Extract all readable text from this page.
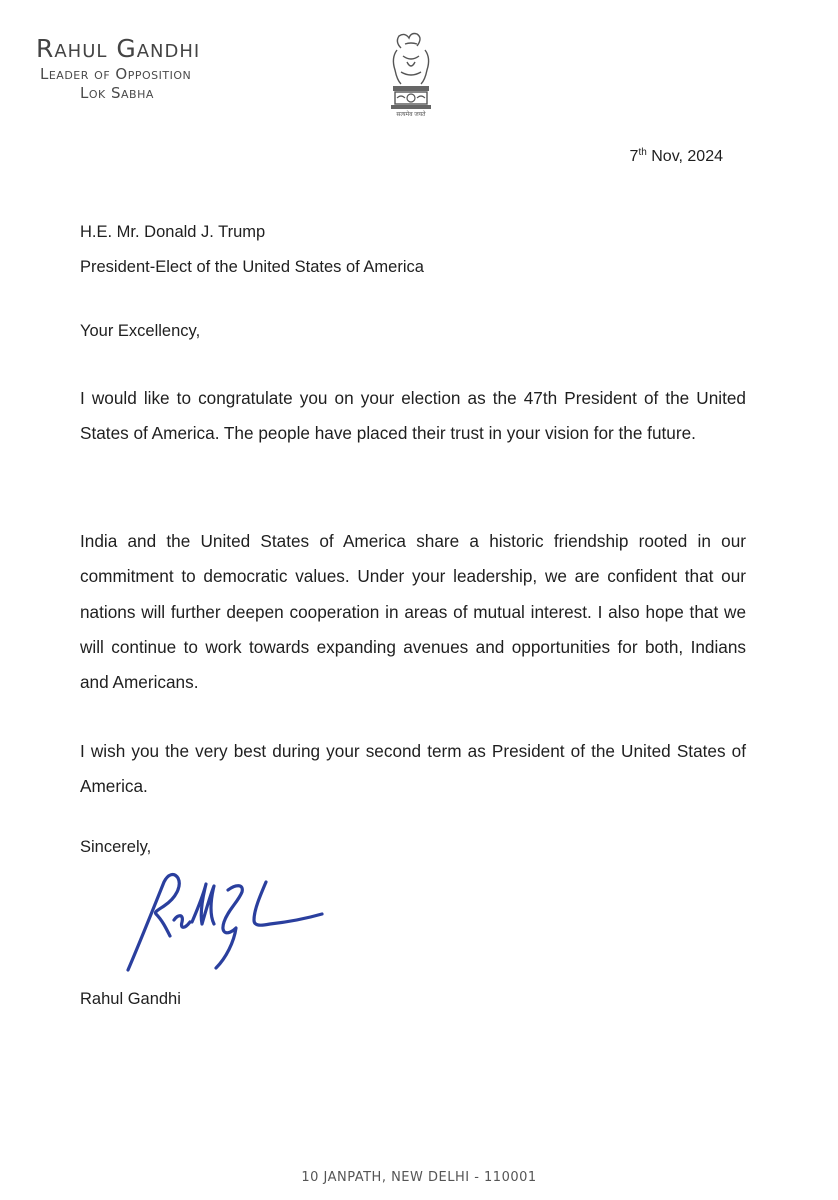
Rahul Gandhi
Leader of Opposition
Lok Sabha
सत्यमेव जयते
7th Nov, 2024
H.E. Mr. Donald J. Trump
President-Elect of the United States of America
Your Excellency,

I would like to congratulate you on your election as the 47th President of the United States of America. The people have placed their trust in your vision for the future.

India and the United States of America share a historic friendship rooted in our commitment to democratic values. Under your leadership, we are confident that our nations will further deepen cooperation in areas of mutual interest. I also hope that we will continue to work towards expanding avenues and opportunities for both, Indians and Americans.

I wish you the very best during your second term as President of the United States of America.

Sincerely,
Rahul Gandhi
10 JANPATH, NEW DELHI - 110001
